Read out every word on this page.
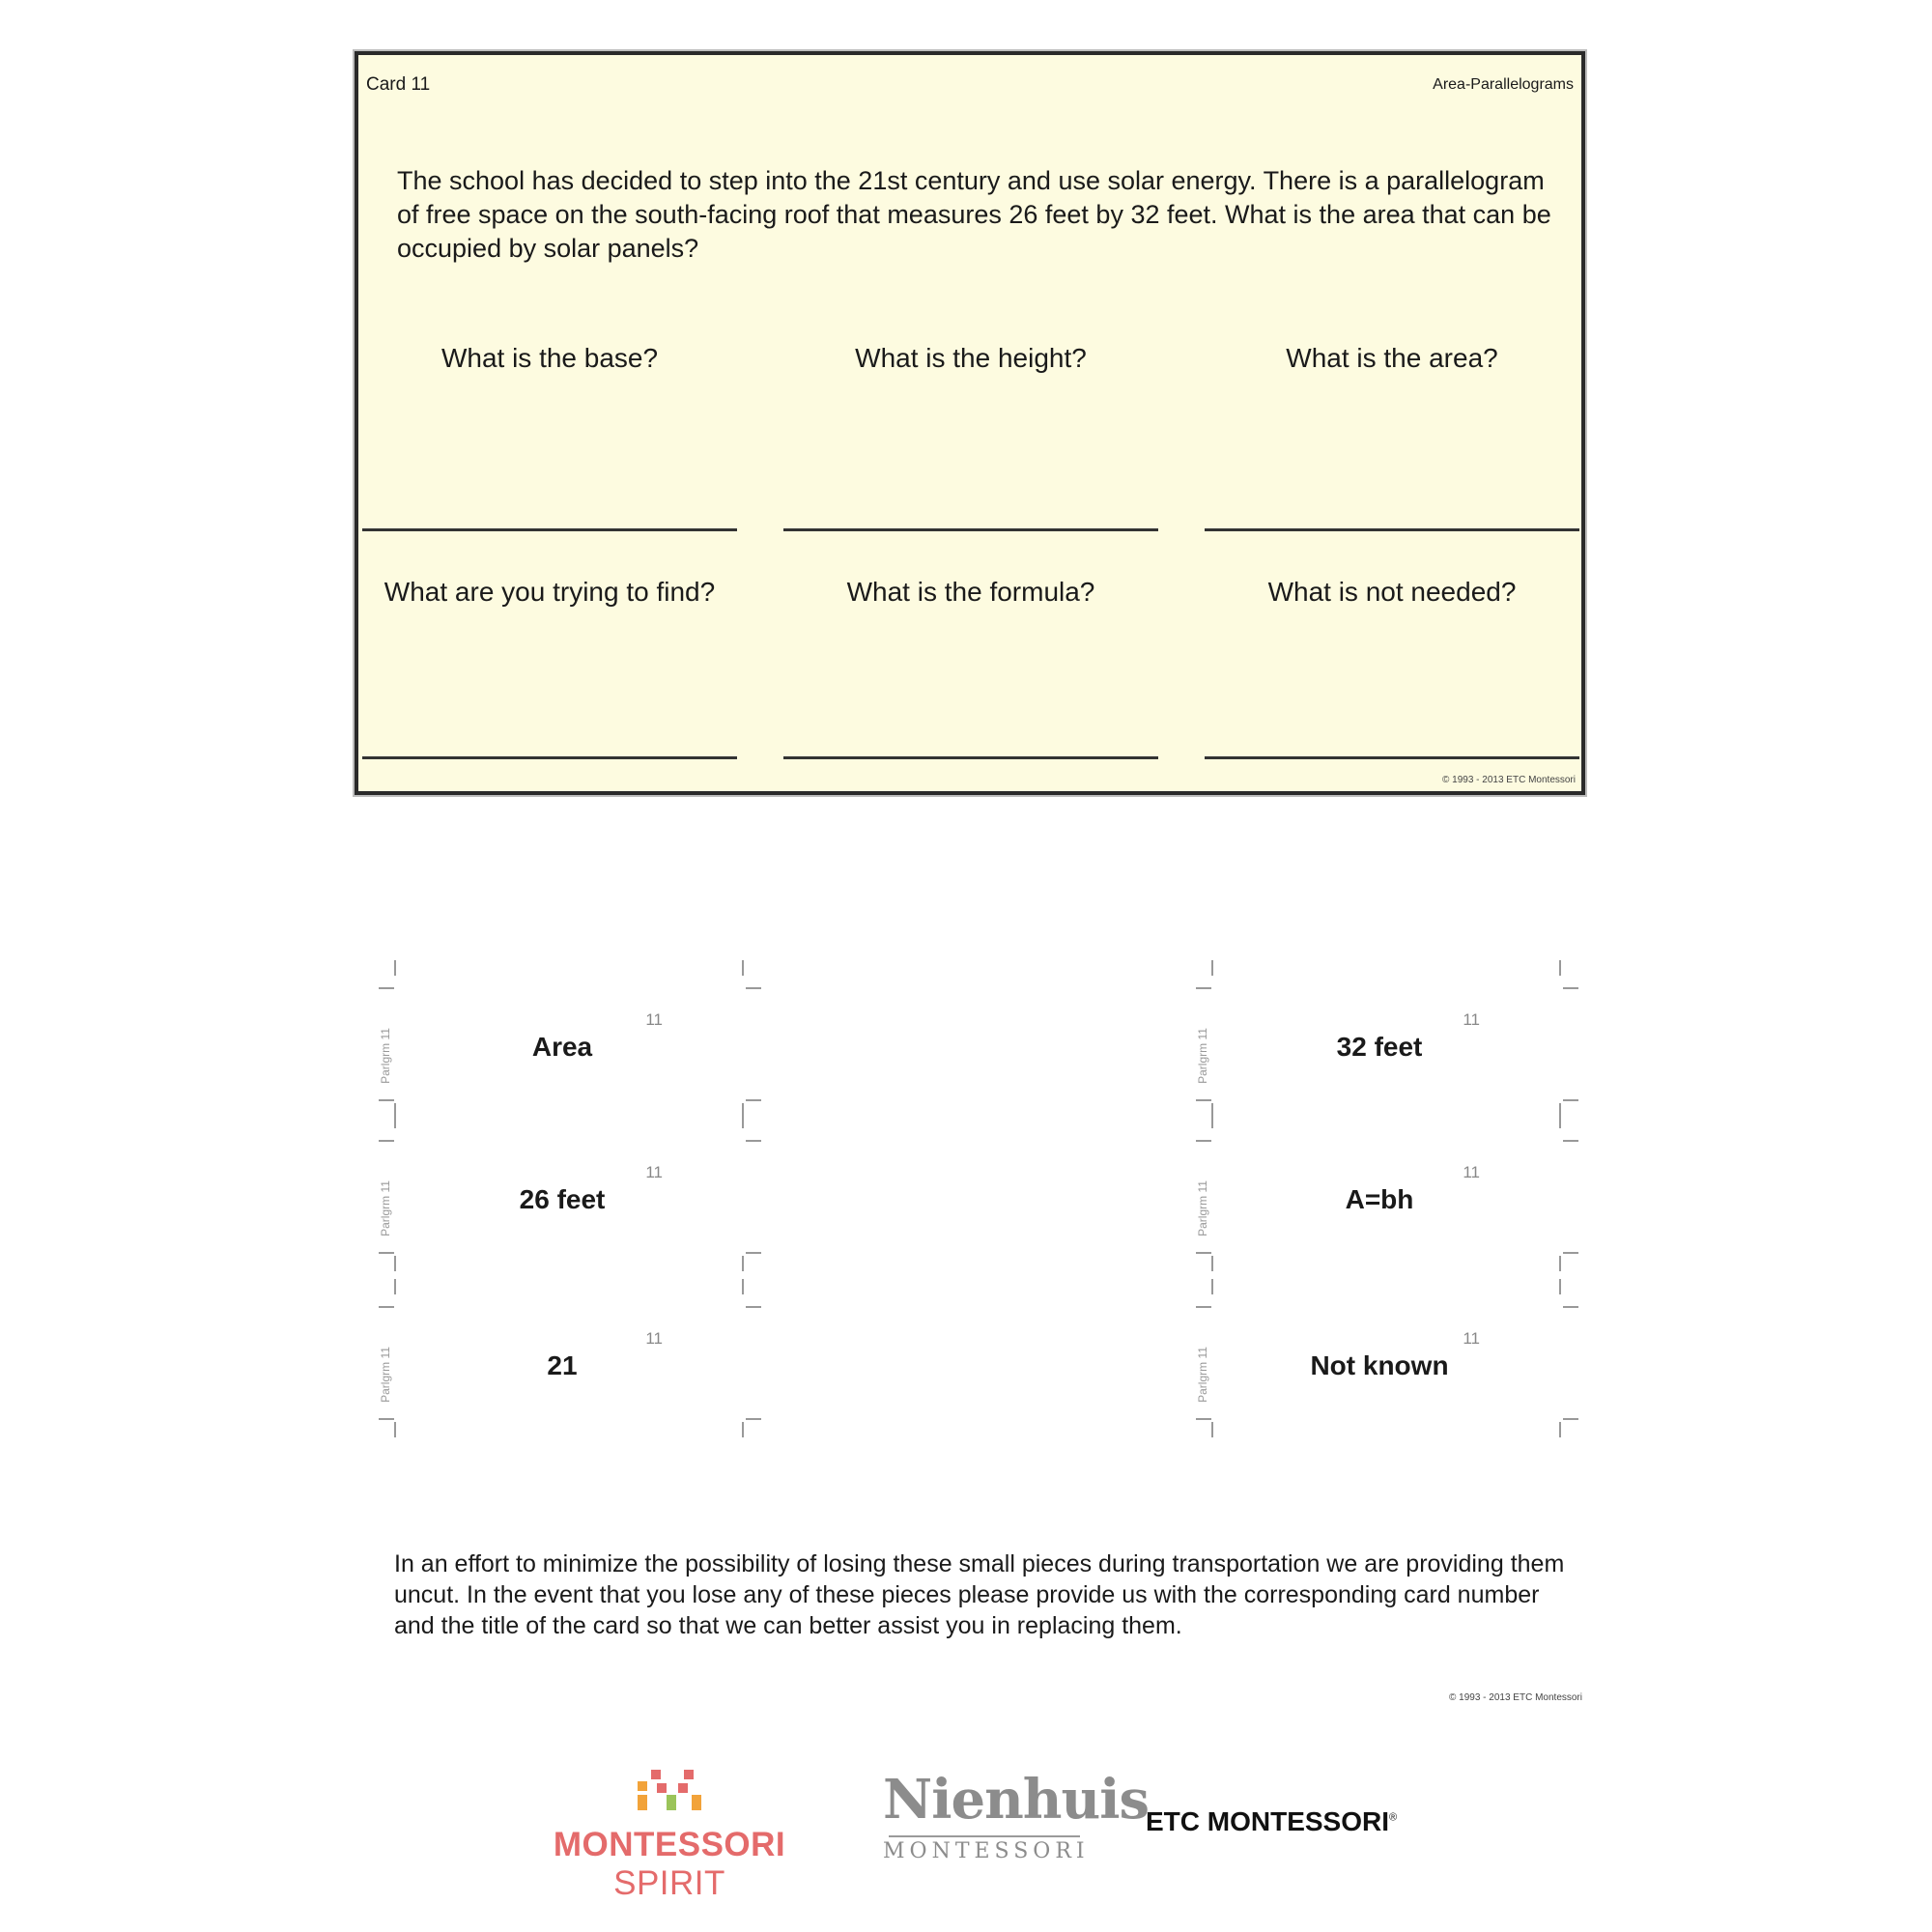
Card 11	Area-Parallelograms

The school has decided to step into the 21st century and use solar energy. There is a parallelogram of free space on the south-facing roof that measures 26 feet by 32 feet. What is the area that can be occupied by solar panels?

What is the base?	What is the height?	What is the area?
What are you trying to find?	What is the formula?	What is not needed?
© 1993 - 2013 ETC Montessori
Parlgrm 11	Area
11
Parlgrm 11	32 feet
11
Parlgrm 11	26 feet
11
Parlgrm 11	A=bh
11
Parlgrm 11	21
11
Parlgrm 11	Not known
11

In an effort to minimize the possibility of losing these small pieces during transportation we are providing them uncut. In the event that you lose any of these pieces please provide us with the corresponding card number and the title of the card so that we can better assist you in replacing them.

© 1993 - 2013 ETC Montessori
MONTESSORI SPIRIT
Nienhuis
MONTESSORI
ETC MONTESSORI®
